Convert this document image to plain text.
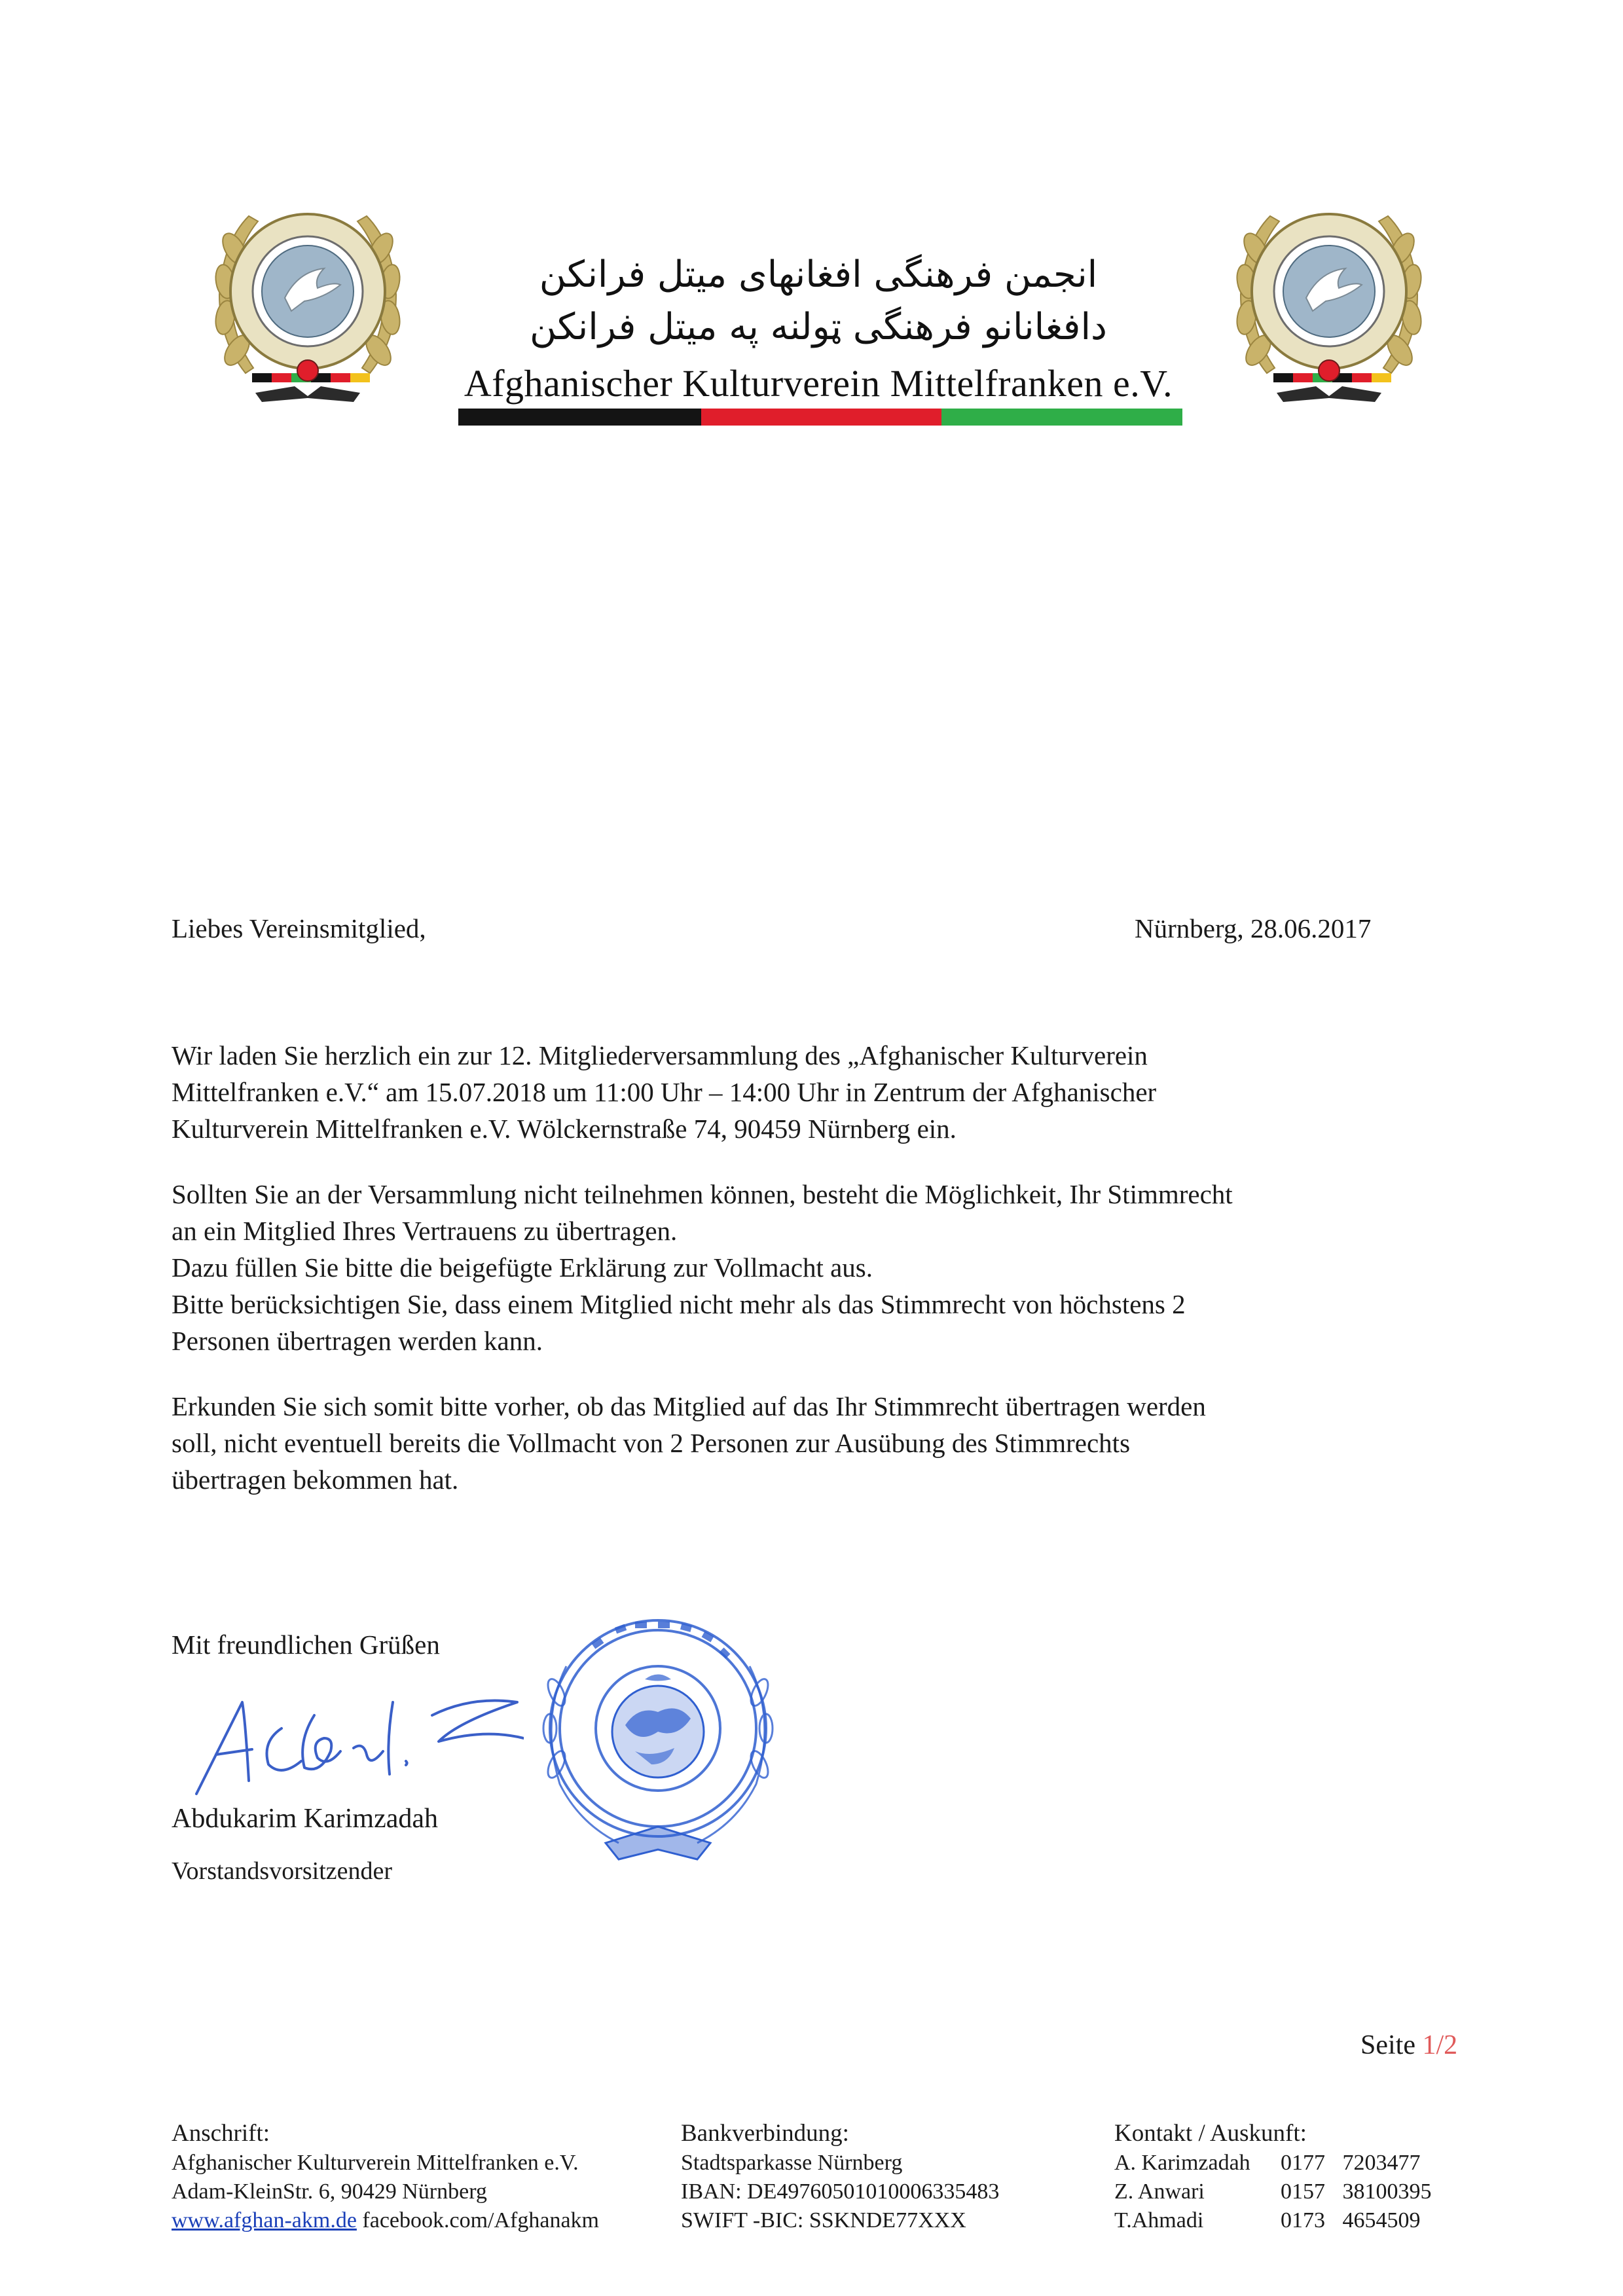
انجمن فرهنگی افغانهای میتل فرانکن
دافغانانو فرهنگی ټولنه په میتل فرانکن
Afghanischer Kulturverein Mittelfranken e.V.
Liebes Vereinsmitglied,	Nürnberg, 28.06.2017
Wir laden Sie herzlich ein zur 12. Mitgliederversammlung des „Afghanischer Kulturverein
Mittelfranken e.V.“ am 15.07.2018 um 11:00 Uhr – 14:00 Uhr in Zentrum der Afghanischer
Kulturverein Mittelfranken e.V. Wölckernstraße 74, 90459 Nürnberg ein.
Sollten Sie an der Versammlung nicht teilnehmen können, besteht die Möglichkeit, Ihr Stimmrecht
an ein Mitglied Ihres Vertrauens zu übertragen.
Dazu füllen Sie bitte die beigefügte Erklärung zur Vollmacht aus.
Bitte berücksichtigen Sie, dass einem Mitglied nicht mehr als das Stimmrecht von höchstens 2
Personen übertragen werden kann.
Erkunden Sie sich somit bitte vorher, ob das Mitglied auf das Ihr Stimmrecht übertragen werden
soll, nicht eventuell bereits die Vollmacht von 2 Personen zur Ausübung des Stimmrechts
übertragen bekommen hat.
Mit freundlichen Grüßen
Abdukarim Karimzadah
Vorstandsvorsitzender
Seite 1/2
Anschrift:
Afghanischer Kulturverein Mittelfranken e.V.
Adam-KleinStr. 6, 90429 Nürnberg
www.afghan-akm.de facebook.com/Afghanakm
Bankverbindung:
Stadtsparkasse Nürnberg
IBAN: DE49760501010006335483
SWIFT -BIC: SSKNDE77XXX
Kontakt / Auskunft:
A. Karimzadah	0177 7203477
Z. Anwari	0157 38100395
T.Ahmadi	0173 4654509
